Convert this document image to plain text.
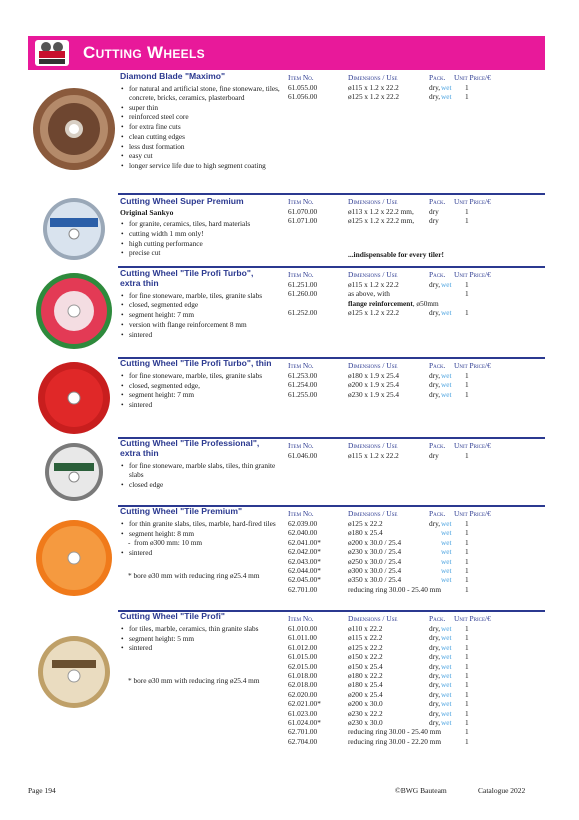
Cutting Wheels
Diamond Blade "Maximo"
• for natural and artificial stone, fine stoneware, tiles, concrete, bricks, ceramics, plasterboard
• super thin
• reinforced steel core
• for extra fine cuts
• clean cutting edges
• less dust formation
• easy cut
• longer service life due to high segment coating
Item No.	Dimensions / Use	Pack. Unit Price/€
61.055.00	ø115 x 1.2 x 22.2	dry, wet 1
61.056.00	ø125 x 1.2 x 22.2	dry, wet 1
Cutting Wheel Super Premium
Original Sankyo
• for granite, ceramics, tiles, hard materials
• cutting width 1 mm only!
• high cutting performance
• precise cut
Item No.	Dimensions / Use	Pack. Unit Price/€
61.070.00	ø113 x 1.2 x 22.2 mm, dry	1
61.071.00	ø125 x 1.2 x 22.2 mm, dry	1
...indispensable for every tiler!
Cutting Wheel "Tile Profi Turbo",
extra thin
• for fine stoneware, marble, tiles, granite slabs
• closed, segmented edge
• segment height: 7 mm
• version with flange reinforcement 8 mm
• sintered
Item No.	Dimensions / Use	Pack. Unit Price/€
61.251.00	ø115 x 1.2 x 22.2	dry, wet 1
61.260.00	as above, with	1
flange reinforcement, ø50mm
61.252.00	ø125 x 1.2 x 22.2	dry, wet 1
Cutting Wheel "Tile Profi Turbo", thin
• for fine stoneware, marble, tiles, granite slabs
• closed, segmented edge,
• segment height: 7 mm
• sintered
Item No.	Dimensions / Use	Pack. Unit Price/€
61.253.00	ø180 x 1.9 x 25.4	dry, wet 1
61.254.00	ø200 x 1.9 x 25.4	dry, wet 1
61.255.00	ø230 x 1.9 x 25.4	dry, wet 1
Cutting Wheel "Tile Professional",
extra thin
• for fine stoneware, marble slabs, tiles, thin granite slabs
• closed edge
Item No.	Dimensions / Use	Pack. Unit Price/€
61.046.00	ø115 x 1.2 x 22.2	dry	1
Cutting Wheel "Tile Premium"
• for thin granite slabs, tiles, marble, hard-fired tiles
• segment height: 8 mm
- from ø300 mm: 10 mm
• sintered
* bore ø30 mm with reducing ring ø25.4 mm
Item No.	Dimensions / Use	Pack. Unit Price/€
62.039.00	ø125 x 22.2	dry, wet 1
62.040.00	ø180 x 25.4	wet 1
62.041.00*	ø200 x 30.0 / 25.4	wet 1
62.042.00*	ø230 x 30.0 / 25.4	wet 1
62.043.00*	ø250 x 30.0 / 25.4	wet 1
62.044.00*	ø300 x 30.0 / 25.4	wet 1
62.045.00*	ø350 x 30.0 / 25.4	wet 1
62.701.00	reducing ring 30.00 - 25.40 mm	1
Cutting Wheel "Tile Profi"
• for tiles, marble, ceramics, thin granite slabs
• segment height: 5 mm
• sintered
* bore ø30 mm with reducing ring ø25.4 mm
Item No.	Dimensions / Use	Pack. Unit Price/€
61.010.00	ø110 x 22.2	dry, wet 1
61.011.00	ø115 x 22.2	dry, wet 1
61.012.00	ø125 x 22.2	dry, wet 1
61.015.00	ø150 x 22.2	dry, wet 1
62.015.00	ø150 x 25.4	dry, wet 1
61.018.00	ø180 x 22.2	dry, wet 1
62.018.00	ø180 x 25.4	dry, wet 1
62.020.00	ø200 x 25.4	dry, wet 1
62.021.00*	ø200 x 30.0	dry, wet 1
61.023.00	ø230 x 22.2	dry, wet 1
61.024.00*	ø230 x 30.0	dry, wet 1
62.701.00	reducing ring 30.00 - 25.40 mm	1
62.704.00	reducing ring 30.00 - 22.20 mm	1
Page 194	©BWG Bauteam	Catalogue 2022
